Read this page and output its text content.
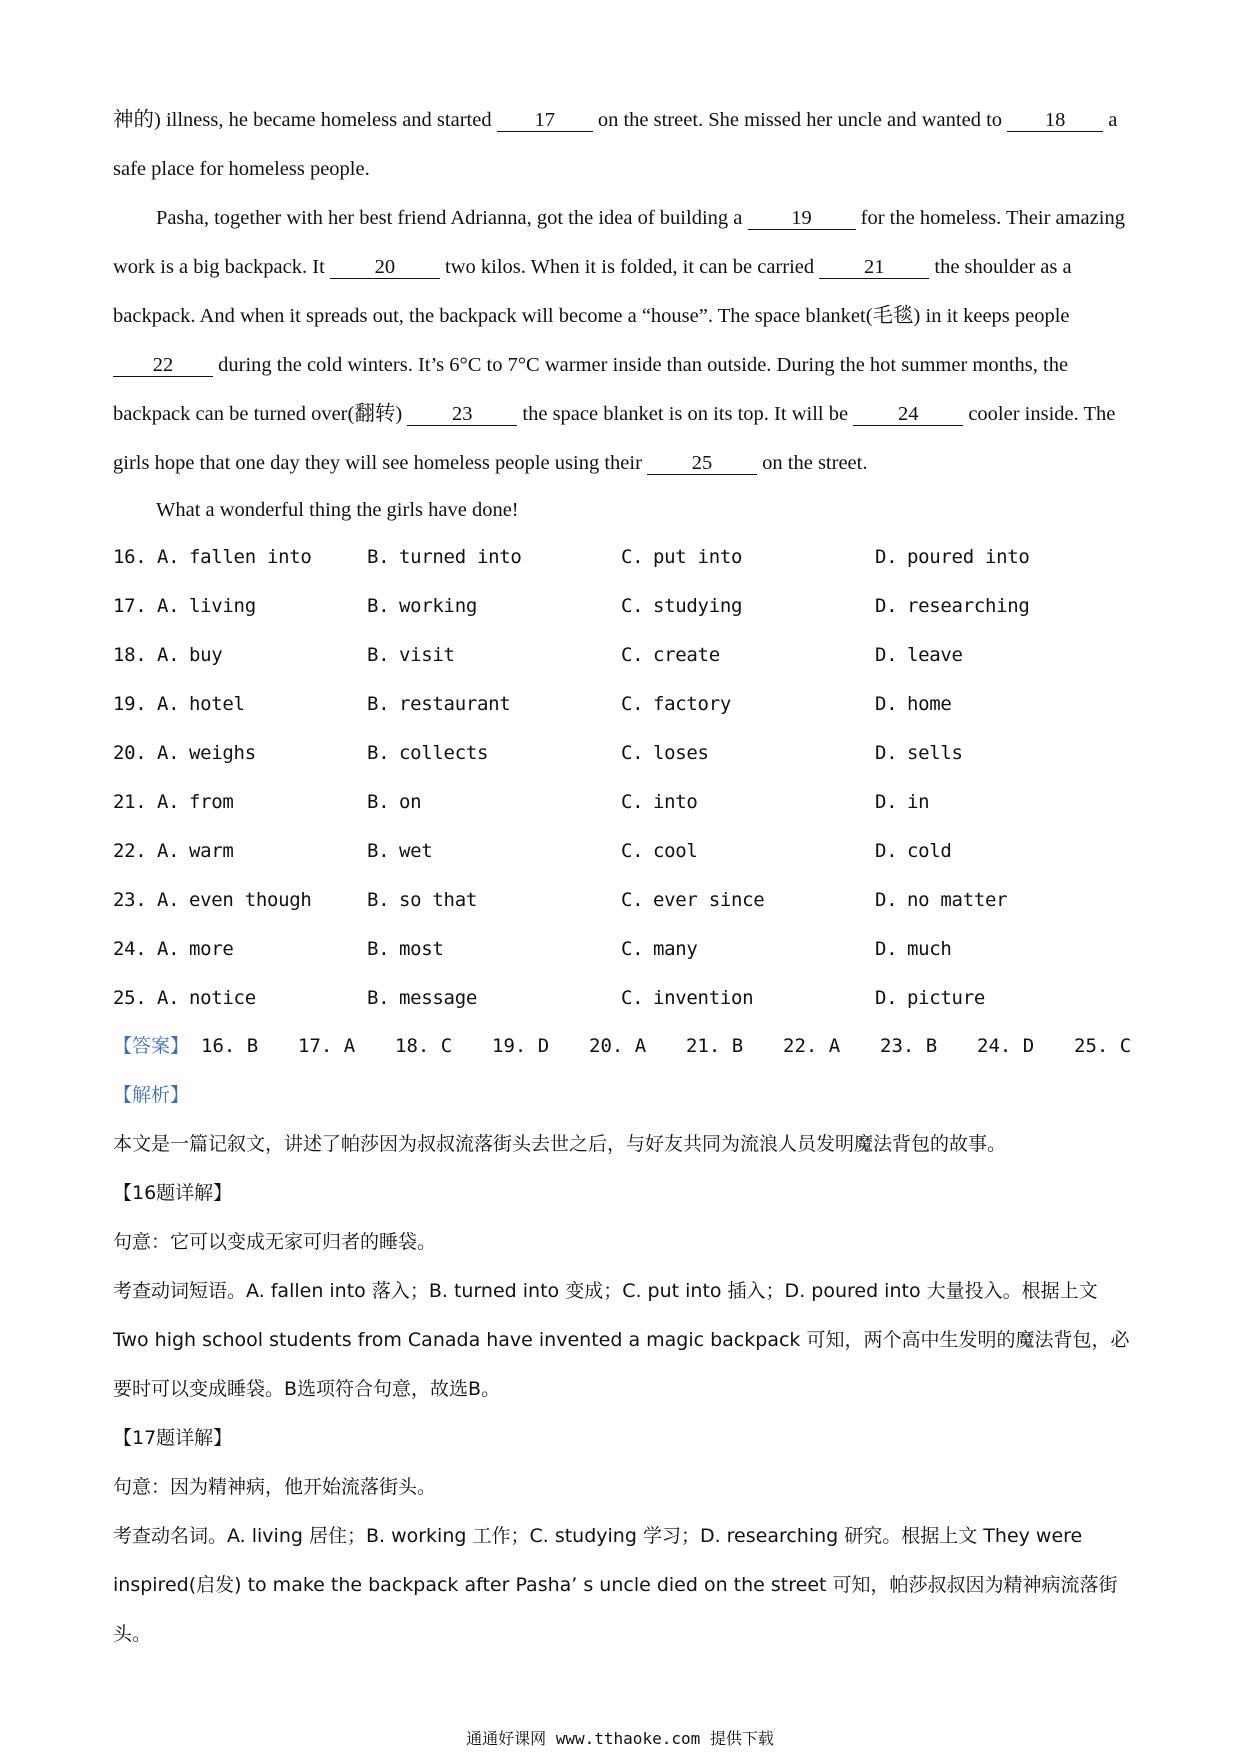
神的) illness, he became homeless and started 17 on the street. She missed her uncle and wanted to 18 a safe place for homeless people.
Pasha, together with her best friend Adrianna, got the idea of building a 19 for the homeless. Their amazing work is a big backpack. It 20 two kilos. When it is folded, it can be carried 21 the shoulder as a backpack. And when it spreads out, the backpack will become a “house”. The space blanket(毛毯) in it keeps people 22 during the cold winters. It’s 6°C to 7°C warmer inside than outside. During the hot summer months, the backpack can be turned over(翻转) 23 the space blanket is on its top. It will be 24 cooler inside. The girls hope that one day they will see homeless people using their 25 on the street.

What a wonderful thing the girls have done!

16. A. fallen into	B. turned into	C. put into	D. poured into
17. A. living	B. working	C. studying	D. researching
18. A. buy	B. visit	C. create	D. leave
19. A. hotel	B. restaurant	C. factory	D. home
20. A. weighs	B. collects	C. loses	D. sells
21. A. from	B. on	C. into	D. in
22. A. warm	B. wet	C. cool	D. cold
23. A. even though	B. so that	C. ever since	D. no matter
24. A. more	B. most	C. many	D. much
25. A. notice	B. message	C. invention	D. picture
【答案】 16. B 17. A 18. C 19. D 20. A 21. B 22. A 23. B 24. D 25. C
【解析】

本文是一篇记叙文，讲述了帕莎因为叔叔流落街头去世之后，与好友共同为流浪人员发明魔法背包的故事。

【16题详解】

句意：它可以变成无家可归者的睡袋。

考查动词短语。A. fallen into 落入；B. turned into 变成；C. put into 插入；D. poured into 大量投入。根据上文 Two high school students from Canada have invented a magic backpack 可知，两个高中生发明的魔法背包，必要时可以变成睡袋。B选项符合句意，故选B。

【17题详解】

句意：因为精神病，他开始流落街头。

考查动名词。A. living 居住；B. working 工作；C. studying 学习；D. researching 研究。根据上文 They were inspired(启发) to make the backpack after Pasha’ s uncle died on the street 可知，帕莎叔叔因为精神病流落街头。

通通好课网 www.tthaoke.com 提供下载
